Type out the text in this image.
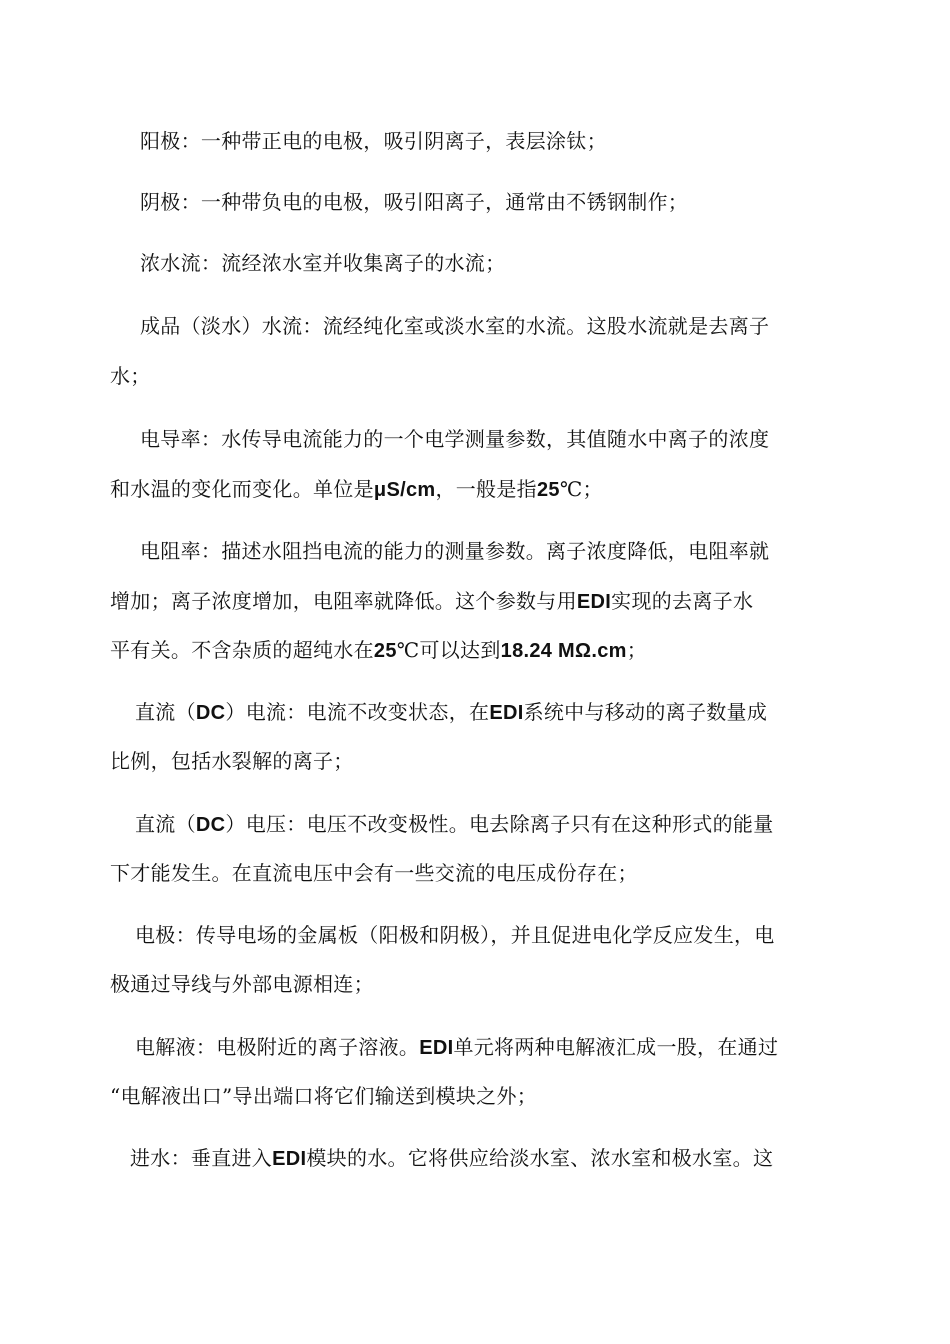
阳极：一种带正电的电极，吸引阴离子，表层涂钛；
阴极：一种带负电的电极，吸引阳离子，通常由不锈钢制作；
浓水流：流经浓水室并收集离子的水流；
成品（淡水）水流：流经纯化室或淡水室的水流。这股水流就是去离子
水；
电导率：水传导电流能力的一个电学测量参数，其值随水中离子的浓度
和水温的变化而变化。单位是μS/cm，一般是指25℃；
电阻率：描述水阻挡电流的能力的测量参数。离子浓度降低，电阻率就
增加；离子浓度增加，电阻率就降低。这个参数与用EDI实现的去离子水
平有关。不含杂质的超纯水在25℃可以达到18.24 MΩ.cm；
直流（DC）电流：电流不改变状态，在EDI系统中与移动的离子数量成
比例，包括水裂解的离子；
直流（DC）电压：电压不改变极性。电去除离子只有在这种形式的能量
下才能发生。在直流电压中会有一些交流的电压成份存在；
电极：传导电场的金属板（阳极和阴极），并且促进电化学反应发生，电
极通过导线与外部电源相连；
电解液：电极附近的离子溶液。EDI单元将两种电解液汇成一股，在通过
“电解液出口”导出端口将它们输送到模块之外；
进水：垂直进入EDI模块的水。它将供应给淡水室、浓水室和极水室。这
